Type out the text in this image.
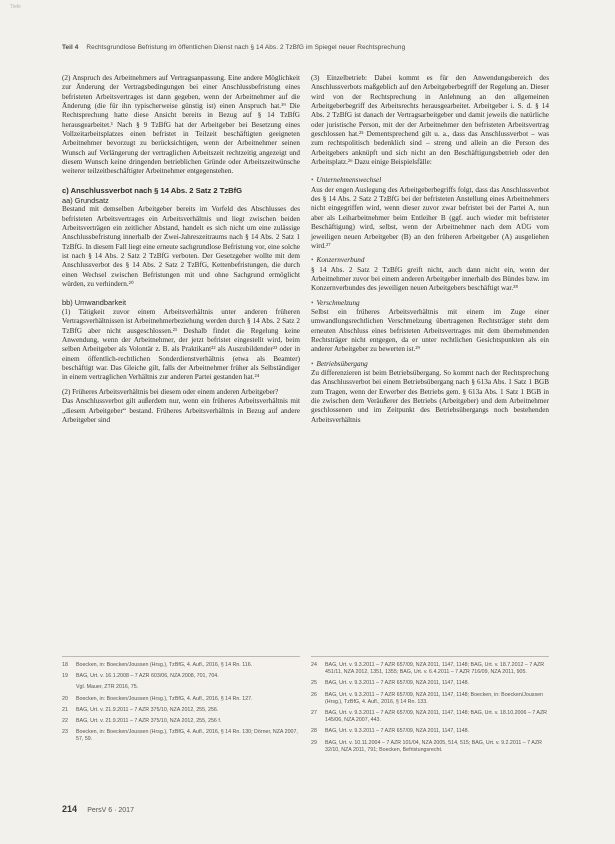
Tiefe
Teil 4 Rechtsgrundlose Befristung im öffentlichen Dienst nach § 14 Abs. 2 TzBfG im Spiegel neuer Rechtsprechung

(2) Anspruch des Arbeitnehmers auf Vertragsanpassung. Eine andere Möglichkeit zur Änderung der Vertragsbedingungen bei einer Anschlussbefristung eines befristeten Arbeitsvertrages ist dann gegeben, wenn der Arbeitnehmer auf die Änderung (die für ihn typischerweise günstig ist) einen Anspruch hat.¹⁹ Die Rechtsprechung hatte diese Ansicht bereits in Bezug auf § 14 TzBfG herausgearbeitet.¹ Nach § 9 TzBfG hat der Arbeitgeber bei Besetzung eines Vollzeitarbeitsplatzes einen befristet in Teilzeit beschäftigten geeigneten Arbeitnehmer bevorzugt zu berücksichtigen, wenn der Arbeitnehmer seinen Wunsch auf Verlängerung der vertraglichen Arbeitszeit rechtzeitig angezeigt und diesem Wunsch keine dringenden betrieblichen Gründe oder Arbeitszeitwünsche weiterer teilzeitbeschäftigter Arbeitnehmer entgegenstehen.

c) Anschlussverbot nach § 14 Abs. 2 Satz 2 TzBfG

aa) Grundsatz

Bestand mit demselben Arbeitgeber bereits im Vorfeld des Abschlusses des befristeten Arbeitsvertrages ein Arbeitsverhältnis und liegt zwischen beiden Arbeitsverträgen ein zeitlicher Abstand, handelt es sich nicht um eine zulässige Anschlussbefristung innerhalb der Zwei-Jahreszeitraums nach § 14 Abs. 2 Satz 1 TzBfG. In diesem Fall liegt eine erneute sachgrundlose Befristung vor, eine solche ist nach § 14 Abs. 2 Satz 2 TzBfG verboten. Der Gesetzgeber wollte mit dem Anschlussverbot des § 14 Abs. 2 Satz 2 TzBfG, Kettenbefristungen, die durch einen Wechsel zwischen Befristungen mit und ohne Sachgrund ermöglicht würden, zu verhindern.²⁰

bb) Umwandbarkeit

(1) Tätigkeit zuvor einem Arbeitsverhältnis unter anderen früheren Vertragsverhältnissen ist Arbeitnehmerbeziehung werden durch § 14 Abs. 2 Satz 2 TzBfG aber nicht ausgeschlossen.²¹ Deshalb findet die Regelung keine Anwendung, wenn der Arbeitnehmer, der jetzt befristet eingestellt wird, beim selben Arbeitgeber als Volontär z. B. als Praktikant²² als Auszubildender²³ oder in einem öffentlich-rechtlichen Sonderdienstverhältnis (etwa als Beamter) beschäftigt war. Das Gleiche gilt, falls der Arbeitnehmer früher als Selbständiger in einem vertraglichen Verhältnis zur anderen Partei gestanden hat.²⁴

(2) Früheres Arbeitsverhältnis bei diesem oder einem anderen Arbeitgeber?

Das Anschlussverbot gilt außerdem nur, wenn ein früheres Arbeitsverhältnis mit „diesem Arbeitgeber“ bestand. Früheres Arbeitsverhältnis in Bezug auf andere Arbeitgeber sind

(3) Einzelbetrieb: Dabei kommt es für den Anwendungsbereich des Anschlussverbots maßgeblich auf den Arbeitgeberbegriff der Regelung an. Dieser wird von der Rechtsprechung in Anlehnung an den allgemeinen Arbeitgeberbegriff des Arbeitsrechts herausgearbeitet. Arbeitgeber i. S. d. § 14 Abs. 2 TzBfG ist danach der Vertragsarbeitgeber und damit jeweils die natürliche oder juristische Person, mit der der Arbeitnehmer den befristeten Arbeitsvertrag geschlossen hat.²⁵ Dementsprechend gilt u. a., dass das Anschlussverbot – was zum rechtspolitisch bedenklich sind – streng und allein an die Person des Arbeitgebers anknüpft und sich nicht an den Beschäftigungsbetrieb oder den Arbeitsplatz.²⁶ Dazu einige Beispielsfälle:

• Unternehmenswechsel

Aus der engen Auslegung des Arbeitgeberbegriffs folgt, dass das Anschlussverbot des § 14 Abs. 2 Satz 2 TzBfG bei der befristeten Anstellung eines Arbeitnehmers nicht eingegriffen wird, wenn dieser zuvor zwar befristet bei der Partei A, nun aber als Leiharbeitnehmer beim Entleiher B (ggf. auch wieder mit befristeter Beschäftigung) wird, selbst, wenn der Arbeitnehmer nach dem AÜG vom jeweiligen neuen Arbeitgeber (B) an den früheren Arbeitgeber (A) ausgeliehen wird.²⁷

• Konzernverbund

§ 14 Abs. 2 Satz 2 TzBfG greift nicht, auch dann nicht ein, wenn der Arbeitnehmer zuvor bei einem anderen Arbeitgeber innerhalb des Bündes bzw. im Konzernverbundes des jeweiligen neuen Arbeitgebers beschäftigt war.²⁸

• Verschmelzung

Selbst ein früheres Arbeitsverhältnis mit einem im Zuge einer umwandlungsrechtlichen Verschmelzung übertragenen Rechtsträger steht dem erneuten Abschluss eines befristeten Arbeitsvertrages mit dem übernehmenden Rechtsträger nicht entgegen, da er unter rechtlichen Gesichtspunkten als ein anderer Arbeitgeber zu bewerten ist.²⁹

• Betriebsübergang

Zu differenzieren ist beim Betriebsübergang. So kommt nach der Rechtsprechung das Anschlussverbot bei einem Betriebsübergang nach § 613a Abs. 1 Satz 1 BGB zum Tragen, wenn der Erwerber des Betriebs gem. § 613a Abs. 1 Satz 1 BGB in die zwischen dem Veräußerer des Betriebs (Arbeitgeber) und dem Arbeitnehmer geschlossenen und im Zeitpunkt des Betriebsübergangs noch bestehenden Arbeitsverhältnis

18	Boecken, in: Boecken/Joussen (Hrsg.), TzBfG, 4. Aufl., 2016, § 14 Rn. 116.
19	BAG, Urt. v. 16.1.2008 – 7 AZR 603/06, NZA 2008, 701, 704.
Vgl. Mauer, ZTR 2016, 75.
20	Boecken, in: Boecken/Joussen (Hrsg.), TzBfG, 4. Aufl., 2016, § 14 Rn. 127.
21	BAG, Urt. v. 21.9.2011 – 7 AZR 375/10, NZA 2012, 255, 256.
22	BAG, Urt. v. 21.9.2011 – 7 AZR 375/10, NZA 2012, 255, 256 f.
23	Boecken, in: Boecken/Joussen (Hrsg.), TzBfG, 4. Aufl., 2016, § 14 Rn. 130; Dörner, NZA 2007, 57, 59.
24	BAG, Urt. v. 9.3.2011 – 7 AZR 657/09, NZA 2011, 1147, 1148; BAG, Urt. v. 18.7.2012 – 7 AZR 451/11, NZA 2012, 1351, 1355; BAG, Urt. v. 6.4.2011 – 7 AZR 716/09, NZA 2011, 905.
25	BAG, Urt. v. 9.3.2011 – 7 AZR 657/09, NZA 2011, 1147, 1148.
26	BAG, Urt. v. 9.3.2011 – 7 AZR 657/09, NZA 2011, 1147, 1148; Boecken, in: Boecken/Joussen (Hrsg.), TzBfG, 4. Aufl., 2016, § 14 Rn. 133.
27	BAG, Urt. v. 9.3.2011 – 7 AZR 657/09, NZA 2011, 1147, 1148; BAG, Urt. v. 18.10.2006 – 7 AZR 145/06, NZA 2007, 443.
28	BAG, Urt. v. 9.3.2011 – 7 AZR 657/09, NZA 2011, 1147, 1148.
29	BAG, Urt. v. 10.11.2004 – 7 AZR 101/04, NZA 2005, 514, 515; BAG, Urt. v. 9.2.2011 – 7 AZR 32/10, NZA 2011, 791; Boecken, Befristungsrecht.
214 PersV 6 · 2017
